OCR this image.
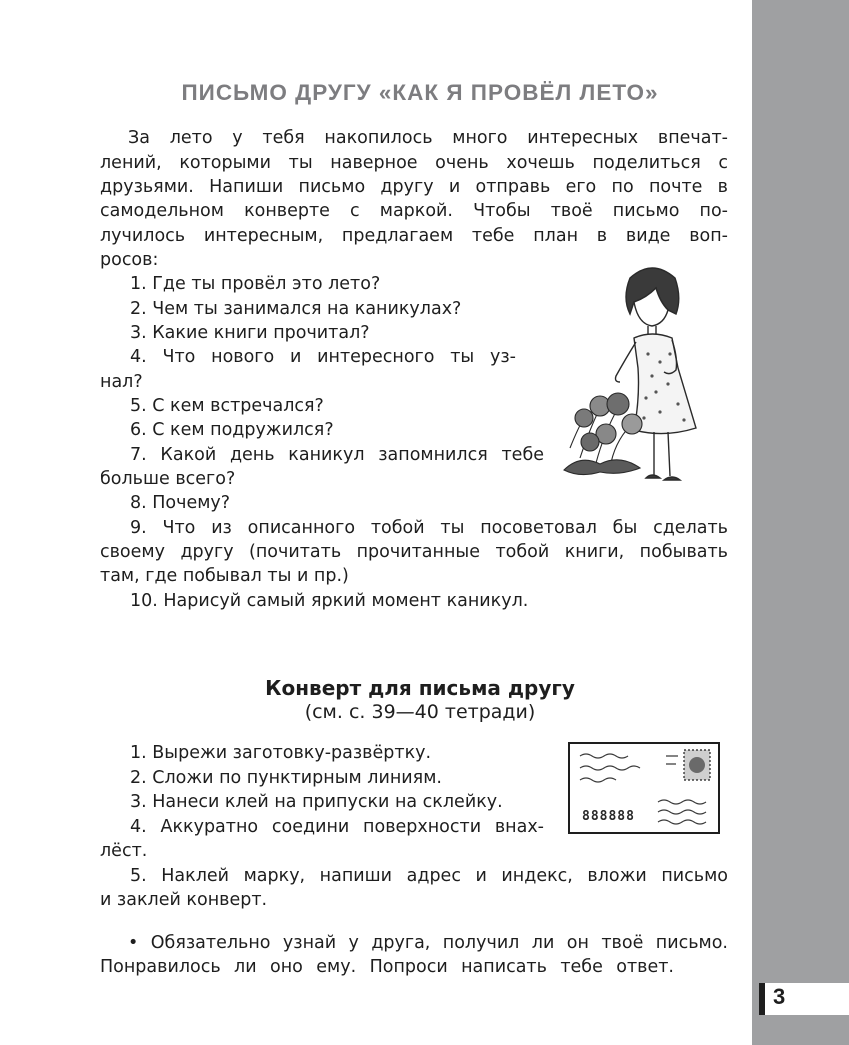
3
ПИСЬМО ДРУГУ «КАК Я ПРОВЁЛ ЛЕТО»
За лето у тебя накопилось много интересных впечат-
лений, которыми ты наверное очень хочешь поделиться с
друзьями. Напиши письмо другу и отправь его по почте в
самодельном конверте с маркой. Чтобы твоё письмо по-
лучилось интересным, предлагаем тебе план в виде воп-
росов:
1. Где ты провёл это лето?
2. Чем ты занимался на каникулах?
3. Какие книги прочитал?
4. Что нового и интересного ты уз-
нал?
5. С кем встречался?
6. С кем подружился?
7. Какой день каникул запомнился тебе
больше всего?
8. Почему?
9. Что из описанного тобой ты посоветовал бы сделать
своему другу (почитать прочитанные тобой книги, побывать
там, где побывал ты и пр.)
10. Нарисуй самый яркий момент каникул.
Конверт для письма другу
(см. с. 39—40 тетради)
1. Вырежи заготовку-развёртку.
2. Сложи по пунктирным линиям.
3. Нанеси клей на припуски на склейку.
4. Аккуратно соедини поверхности внах-
лёст.
5. Наклей марку, напиши адрес и индекс, вложи письмо
и заклей конверт.
888888
• Обязательно узнай у друга, получил ли он твоё письмо.
Понравилось ли оно ему. Попроси написать тебе ответ.
